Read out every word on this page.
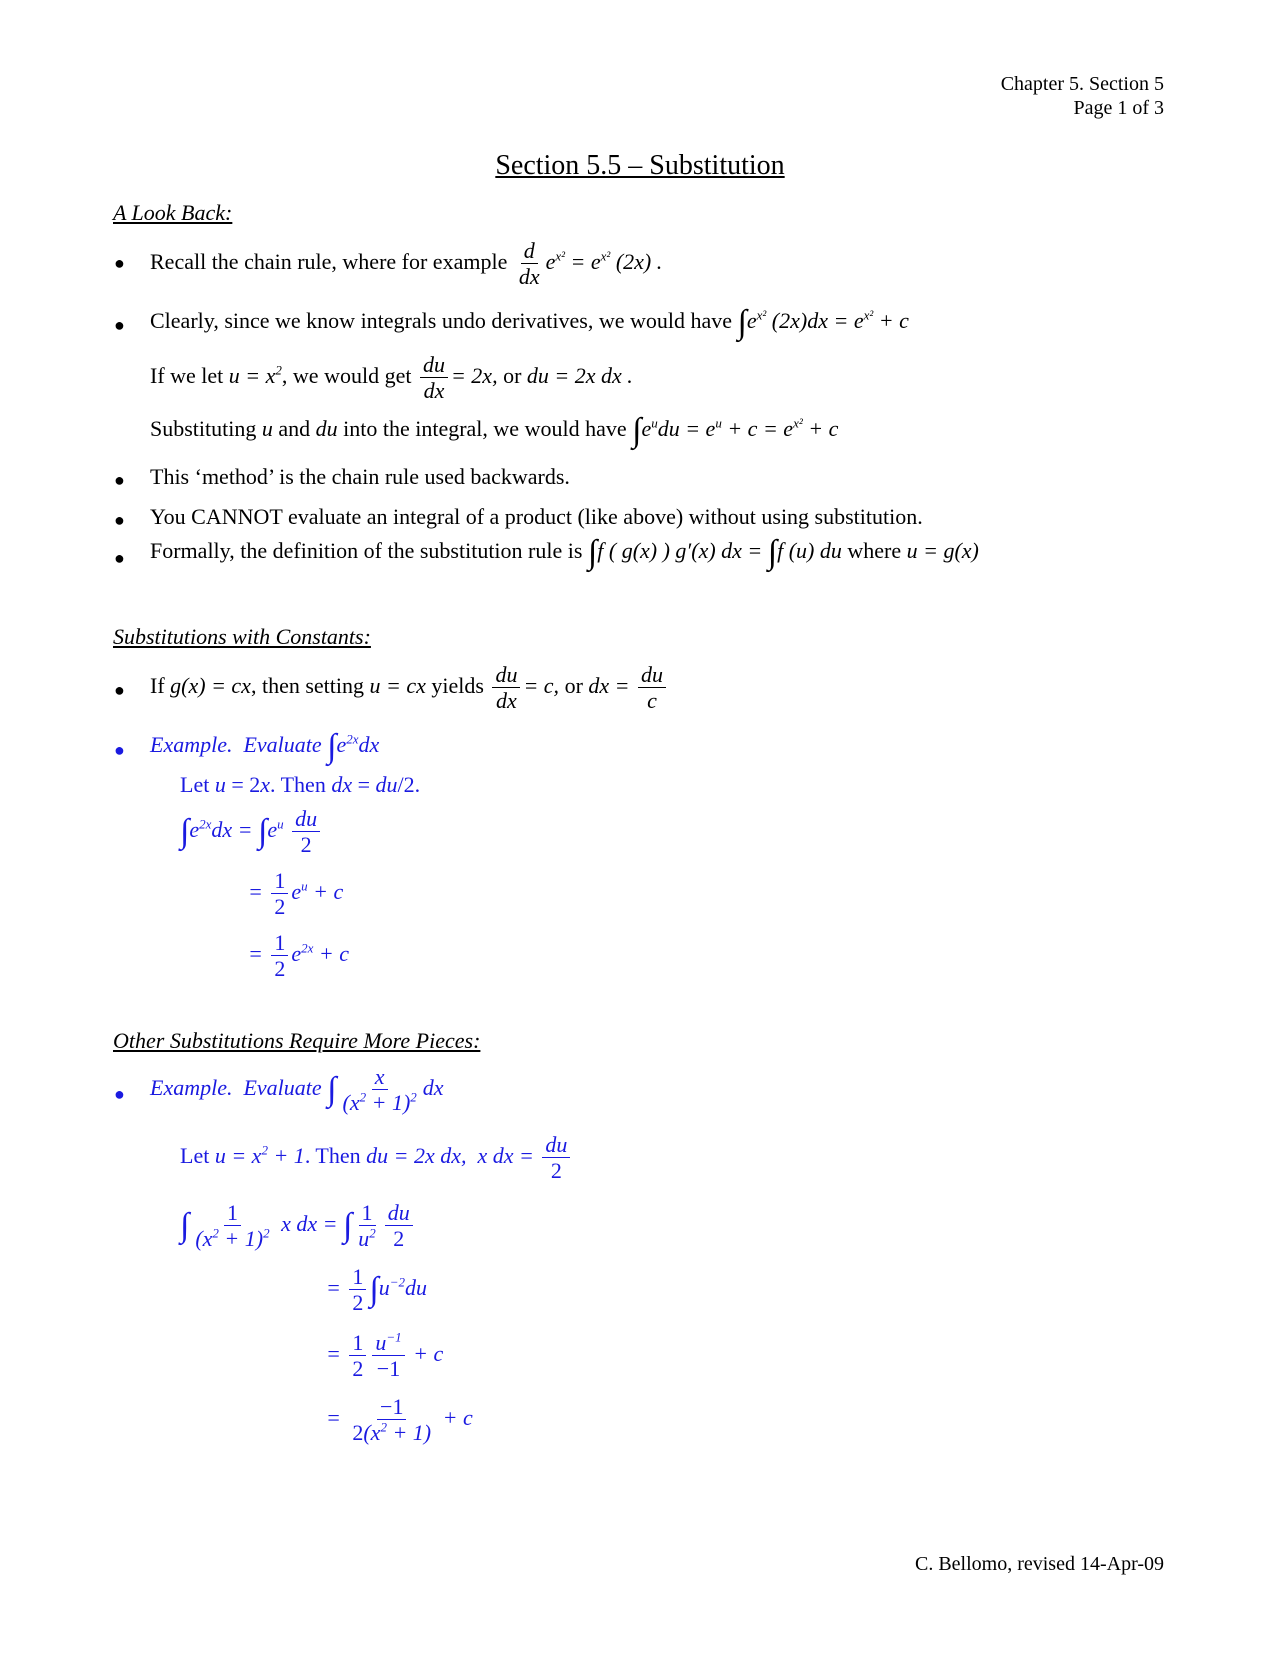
Chapter 5. Section 5
Page 1 of 3
Section 5.5 – Substitution
A Look Back:
● Recall the chain rule, where for example $\frac{d}{dx} e^{x^2} = e^{x^2}$ (2x) .
● Clearly, since we know integrals undo derivatives, we would have $\int e^{x^2}$ $(2x)dx = e^{x^2} + c$
If we let $u = x^2$, we would get $\frac{du}{dx} = 2x$, or du = 2x dx .
Substituting u and du into the integral, we would have $\int e^udu = e^u + c = e^{x^2} + c$
● This ‘method’ is the chain rule used backwards.
● You CANNOT evaluate an integral of a product (like above) without using substitution.
● Formally, the definition of the substitution rule is ∫f ( g(x) ) g′(x) dx = ∫f (u) du where u = g(x)
Substitutions with Constants:
● If g(x) = cx, then setting u = cx yields $\frac{du}{dx} = c$, or dx = $\frac{du}{c}$
● Example. Evaluate $\int e^{2x}dx$
Let u = 2x. Then dx = du/2.
$\int e^{2x}dx = \int e^u \frac{du}{2}$
= $\frac{1}{2} e^u + c$
= $\frac{1}{2} e^{2x} + c$
Other Substitutions Require More Pieces:
● Example. Evaluate ∫ $\frac{x}{(x^2 + 1)^2}$ dx
Let $u = x^2 + 1$. Then du = 2x dx,  x dx = $\frac{du}{2}$
∫ $\frac{1}{(x^2 + 1)^2}$ x dx = ∫ $\frac{1}{u^2} \frac{du}{2}$
= $\frac{1}{2} \int u^{-2}du$
= $\frac{1}{2} \frac{u^{-1}}{-1} + c$
= $\frac{-1}{2(x^2 + 1)} + c$
C. Bellomo, revised 14-Apr-09
